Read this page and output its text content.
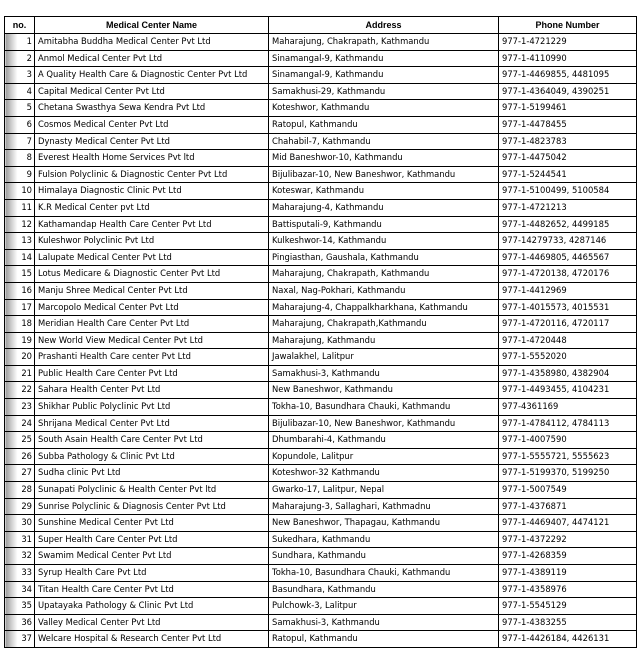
no.	Medical Center Name	Address	Phone Number
1	Amitabha Buddha Medical Center Pvt Ltd	Maharajung, Chakrapath, Kathmandu	977-1-4721229
2	Anmol Medical Center Pvt Ltd	Sinamangal-9, Kathmandu	977-1-4110990
3	A Quality Health Care & Diagnostic Center Pvt Ltd	Sinamangal-9, Kathmandu	977-1-4469855, 4481095
4	Capital Medical Center Pvt Ltd	Samakhusi-29, Kathmandu	977-1-4364049, 4390251
5	Chetana Swasthya Sewa Kendra Pvt Ltd	Koteshwor, Kathmandu	977-1-5199461
6	Cosmos Medical Center Pvt Ltd	Ratopul, Kathmandu	977-1-4478455
7	Dynasty Medical Center Pvt Ltd	Chahabil-7, Kathmandu	977-1-4823783
8	Everest Health Home Services Pvt ltd	Mid Baneshwor-10, Kathmandu	977-1-4475042
9	Fulsion Polyclinic & Diagnostic Center Pvt Ltd	Bijulibazar-10, New Baneshwor, Kathmandu	977-1-5244541
10	Himalaya Diagnostic Clinic Pvt Ltd	Koteswar, Kathmandu	977-1-5100499, 5100584
11	K.R Medical Center pvt Ltd	Maharajung-4, Kathmandu	977-1-4721213
12	Kathamandap Health Care Center Pvt Ltd	Battisputali-9, Kathmandu	977-1-4482652, 4499185
13	Kuleshwor Polyclinic Pvt Ltd	Kulkeshwor-14, Kathmandu	977-14279733, 4287146
14	Lalupate Medical Center Pvt Ltd	Pingiasthan, Gaushala, Kathmandu	977-1-4469805, 4465567
15	Lotus Medicare & Diagnostic Center Pvt Ltd	Maharajung, Chakrapath, Kathmandu	977-1-4720138, 4720176
16	Manju Shree Medical Center Pvt Ltd	Naxal, Nag-Pokhari, Kathmandu	977-1-4412969
17	Marcopolo Medical Center Pvt Ltd	Maharajung-4, Chappalkharkhana, Kathmandu	977-1-4015573, 4015531
18	Meridian Health Care Center Pvt Ltd	Maharajung, Chakrapath,Kathmandu	977-1-4720116, 4720117
19	New World View Medical Center Pvt Ltd	Maharajung, Kathmandu	977-1-4720448
20	Prashanti Health Care center Pvt Ltd	Jawalakhel, Lalitpur	977-1-5552020
21	Public Health Care Center Pvt Ltd	Samakhusi-3, Kathmandu	977-1-4358980, 4382904
22	Sahara Health Center Pvt Ltd	New Baneshwor, Kathmandu	977-1-4493455, 4104231
23	Shikhar Public Polyclinic Pvt Ltd	Tokha-10, Basundhara Chauki, Kathmandu	977-4361169
24	Shrijana Medical Center Pvt Ltd	Bijulibazar-10, New Baneshwor, Kathmandu	977-1-4784112, 4784113
25	South Asain Health Care Center Pvt Ltd	Dhumbarahi-4, Kathmandu	977-1-4007590
26	Subba Pathology & Clinic Pvt Ltd	Kopundole, Lalitpur	977-1-5555721, 5555623
27	Sudha clinic Pvt Ltd	Koteshwor-32 Kathmandu	977-1-5199370, 5199250
28	Sunapati Polyclinic & Health Center Pvt ltd	Gwarko-17, Lalitpur, Nepal	977-1-5007549
29	Sunrise Polyclinic & Diagnosis Center Pvt Ltd	Maharajung-3, Sallaghari, Kathmadnu	977-1-4376871
30	Sunshine Medical Center Pvt Ltd	New Baneshwor, Thapagau, Kathmandu	977-1-4469407, 4474121
31	Super Health Care Center Pvt Ltd	Sukedhara, Kathmandu	977-1-4372292
32	Swamim Medical Center Pvt Ltd	Sundhara, Kathmandu	977-1-4268359
33	Syrup Health Care Pvt Ltd	Tokha-10, Basundhara Chauki, Kathmandu	977-1-4389119
34	Titan Health Care Center Pvt Ltd	Basundhara, Kathmandu	977-1-4358976
35	Upatayaka Pathology & Clinic Pvt Ltd	Pulchowk-3, Lalitpur	977-1-5545129
36	Valley Medical Center Pvt Ltd	Samakhusi-3, Kathmandu	977-1-4383255
37	Welcare Hospital & Research Center Pvt Ltd	Ratopul, Kathmandu	977-1-4426184, 4426131
